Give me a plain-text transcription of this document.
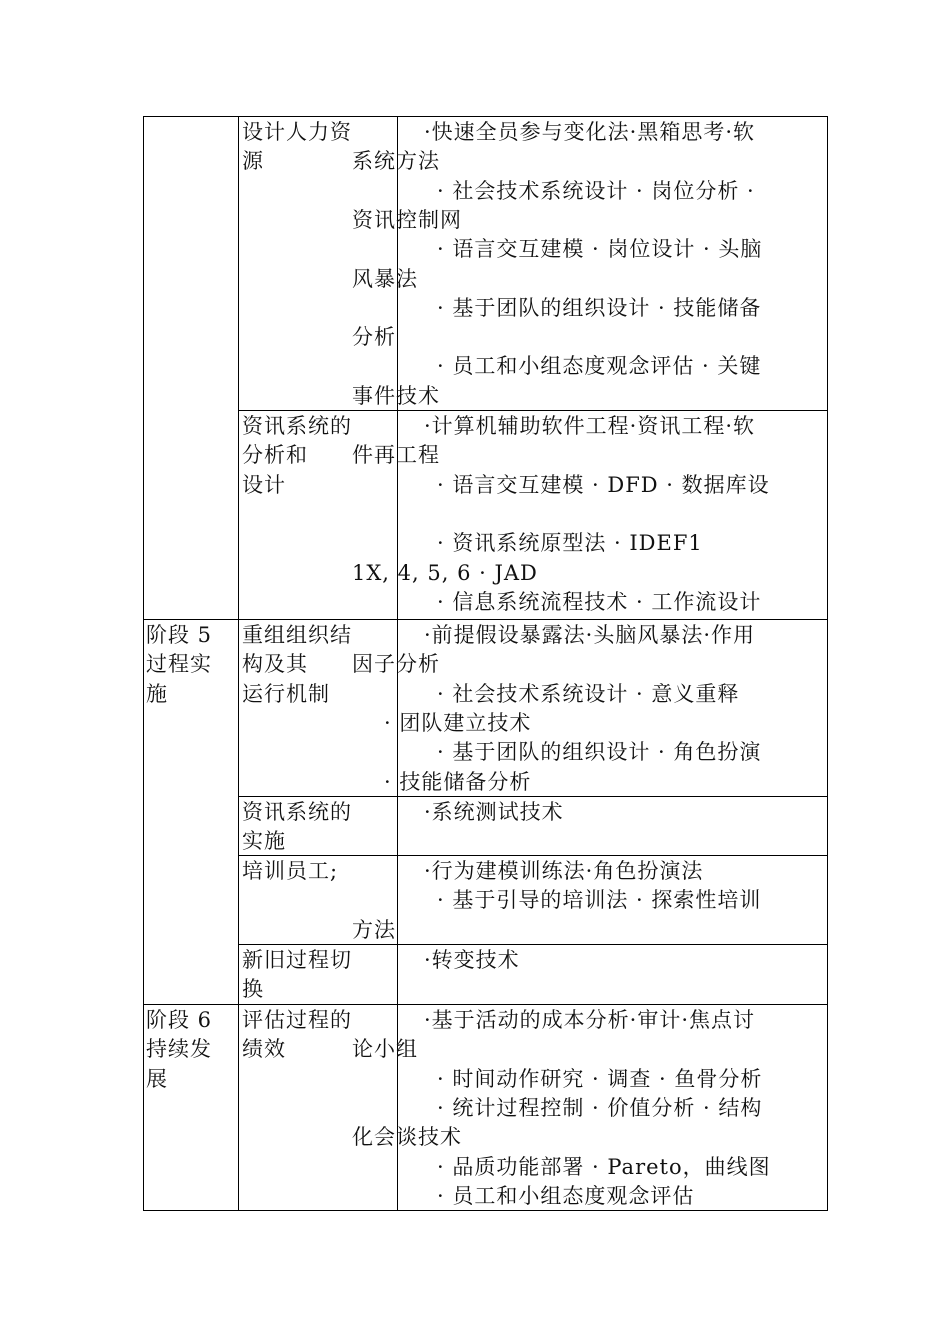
设计人力资
源
·快速全员参与变化法·黑箱思考·软
系统方法
· 社会技术系统设计 · 岗位分析 ·
资讯控制网
· 语言交互建模 · 岗位设计 · 头脑
风暴法
· 基于团队的组织设计 · 技能储备
分析
· 员工和小组态度观念评估 · 关键
事件技术
资讯系统的
分析和
设计
·计算机辅助软件工程·资讯工程·软
件再工程
· 语言交互建模 · DFD · 数据库设
· 资讯系统原型法 · IDEF1
1X, 4, 5, 6 · JAD
· 信息系统流程技术 · 工作流设计
阶段 5
过程实
施
重组组织结
构及其
运行机制
·前提假设暴露法·头脑风暴法·作用
因子分析
· 社会技术系统设计 · 意义重释
· 团队建立技术
· 基于团队的组织设计 · 角色扮演
· 技能储备分析
资讯系统的
实施
·系统测试技术
培训员工;	·行为建模训练法·角色扮演法
· 基于引导的培训法 · 探索性培训
方法
新旧过程切
换
·转变技术
阶段 6
持续发
展
评估过程的
绩效
·基于活动的成本分析·审计·焦点讨
论小组
· 时间动作研究 · 调查 · 鱼骨分析
· 统计过程控制 · 价值分析 · 结构
化会谈技术
· 品质功能部署 · Pareto，曲线图
· 员工和小组态度观念评估
